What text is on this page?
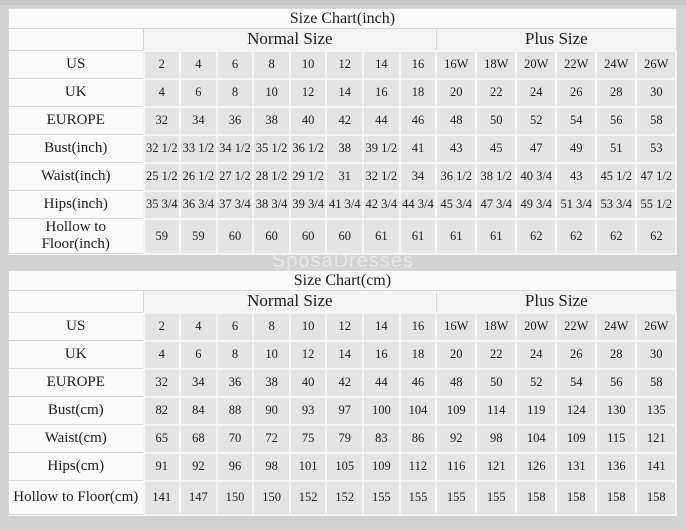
SposaDresses
Size Chart(inch)														
	Normal Size								Plus Size					
US	2	4	6	8	10	12	14	16	16W	18W	20W	22W	24W	26W
UK	4	6	8	10	12	14	16	18	20	22	24	26	28	30
EUROPE	32	34	36	38	40	42	44	46	48	50	52	54	56	58
Bust(inch)	32 1/2	33 1/2	34 1/2	35 1/2	36 1/2	38	39 1/2	41	43	45	47	49	51	53
Waist(inch)	25 1/2	26 1/2	27 1/2	28 1/2	29 1/2	31	32 1/2	34	36 1/2	38 1/2	40 3/4	43	45 1/2	47 1/2
Hips(inch)	35 3/4	36 3/4	37 3/4	38 3/4	39 3/4	41 3/4	42 3/4	44 3/4	45 3/4	47 3/4	49 3/4	51 3/4	53 3/4	55 1/2
Hollow to Floor(inch)	59	59	60	60	60	60	61	61	61	61	62	62	62	62
Size Chart(cm)														
	Normal Size								Plus Size					
US	2	4	6	8	10	12	14	16	16W	18W	20W	22W	24W	26W
UK	4	6	8	10	12	14	16	18	20	22	24	26	28	30
EUROPE	32	34	36	38	40	42	44	46	48	50	52	54	56	58
Bust(cm)	82	84	88	90	93	97	100	104	109	114	119	124	130	135
Waist(cm)	65	68	70	72	75	79	83	86	92	98	104	109	115	121
Hips(cm)	91	92	96	98	101	105	109	112	116	121	126	131	136	141
Hollow to Floor(cm)	141	147	150	150	152	152	155	155	155	155	158	158	158	158
